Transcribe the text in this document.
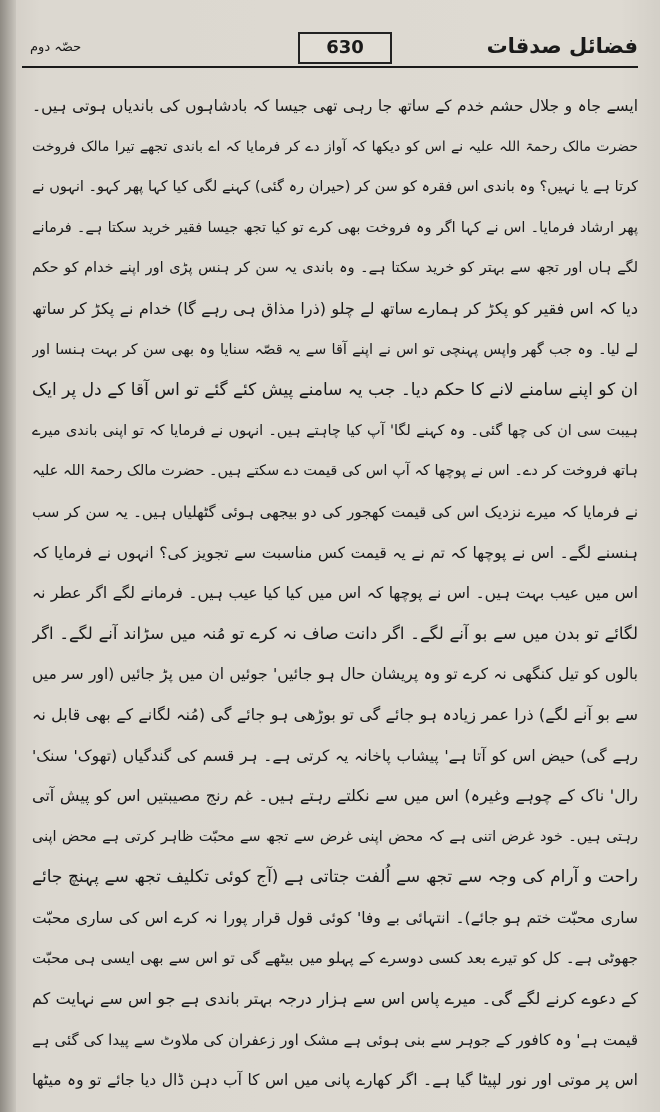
فضائل صدقات
630
حصّہ دوم
ایسے جاہ و جلال حشم خدم کے ساتھ جا رہی تھی جیسا کہ بادشاہوں کی باندیاں ہوتی ہیں۔
حضرت مالک رحمۃ اللہ علیہ نے اس کو دیکھا کہ آواز دے کر فرمایا کہ اے باندی تجھے تیرا مالک فروخت
کرتا ہے یا نہیں؟ وہ باندی اس فقرہ کو سن کر (حیران رہ گئی) کہنے لگی کیا کہا پھر کہو۔ انہوں نے
پھر ارشاد فرمایا۔ اس نے کہا اگر وہ فروخت بھی کرے تو کیا تجھ جیسا فقیر خرید سکتا ہے۔ فرمانے
لگے ہاں اور تجھ سے بہتر کو خرید سکتا ہے۔ وہ باندی یہ سن کر ہنس پڑی اور اپنے خدام کو حکم
دیا کہ اس فقیر کو پکڑ کر ہمارے ساتھ لے چلو (ذرا مذاق ہی رہے گا) خدام نے پکڑ کر ساتھ
لے لیا۔ وہ جب گھر واپس پہنچی تو اس نے اپنے آقا سے یہ قصّہ سنایا وہ بھی سن کر بہت ہنسا اور
ان کو اپنے سامنے لانے کا حکم دیا۔ جب یہ سامنے پیش کئے گئے تو اس آقا کے دل پر ایک
ہیبت سی ان کی چھا گئی۔ وہ کہنے لگا' آپ کیا چاہتے ہیں۔ انہوں نے فرمایا کہ تو اپنی باندی میرے
ہاتھ فروخت کر دے۔ اس نے پوچھا کہ آپ اس کی قیمت دے سکتے ہیں۔ حضرت مالک رحمۃ اللہ علیہ
نے فرمایا کہ میرے نزدیک اس کی قیمت کھجور کی دو بیجھی ہوئی گٹھلیاں ہیں۔ یہ سن کر سب
ہنسنے لگے۔ اس نے پوچھا کہ تم نے یہ قیمت کس مناسبت سے تجویز کی؟ انہوں نے فرمایا کہ
اس میں عیب بہت ہیں۔ اس نے پوچھا کہ اس میں کیا کیا عیب ہیں۔ فرمانے لگے اگر عطر نہ
لگائے تو بدن میں سے بو آنے لگے۔ اگر دانت صاف نہ کرے تو مُنہ میں سڑاند آنے لگے۔ اگر
بالوں کو تیل کنگھی نہ کرے تو وہ پریشان حال ہو جائیں' جوئیں ان میں پڑ جائیں (اور سر میں
سے بو آنے لگے) ذرا عمر زیادہ ہو جائے گی تو بوڑھی ہو جائے گی (مُنہ لگانے کے بھی قابل نہ
رہے گی) حیض اس کو آتا ہے' پیشاب پاخانہ یہ کرتی ہے۔ ہر قسم کی گندگیاں (تھوک' سنک'
رال' ناک کے چوہے وغیرہ) اس میں سے نکلتے رہتے ہیں۔ غم رنج مصیبتیں اس کو پیش آتی
رہتی ہیں۔ خود غرض اتنی ہے کہ محض اپنی غرض سے تجھ سے محبّت ظاہر کرتی ہے محض اپنی
راحت و آرام کی وجہ سے تجھ سے اُلفت جتاتی ہے (آج کوئی تکلیف تجھ سے پہنچ جائے
ساری محبّت ختم ہو جائے)۔ انتہائی بے وفا' کوئی قول قرار پورا نہ کرے اس کی ساری محبّت
جھوٹی ہے۔ کل کو تیرے بعد کسی دوسرے کے پہلو میں بیٹھے گی تو اس سے بھی ایسی ہی محبّت
کے دعوے کرنے لگے گی۔ میرے پاس اس سے ہزار درجہ بہتر باندی ہے جو اس سے نہایت کم
قیمت ہے' وہ کافور کے جوہر سے بنی ہوئی ہے مشک اور زعفران کی ملاوٹ سے پیدا کی گئی ہے
اس پر موتی اور نور لپیٹا گیا ہے۔ اگر کھارے پانی میں اس کا آب دہن ڈال دیا جائے تو وہ میٹھا
